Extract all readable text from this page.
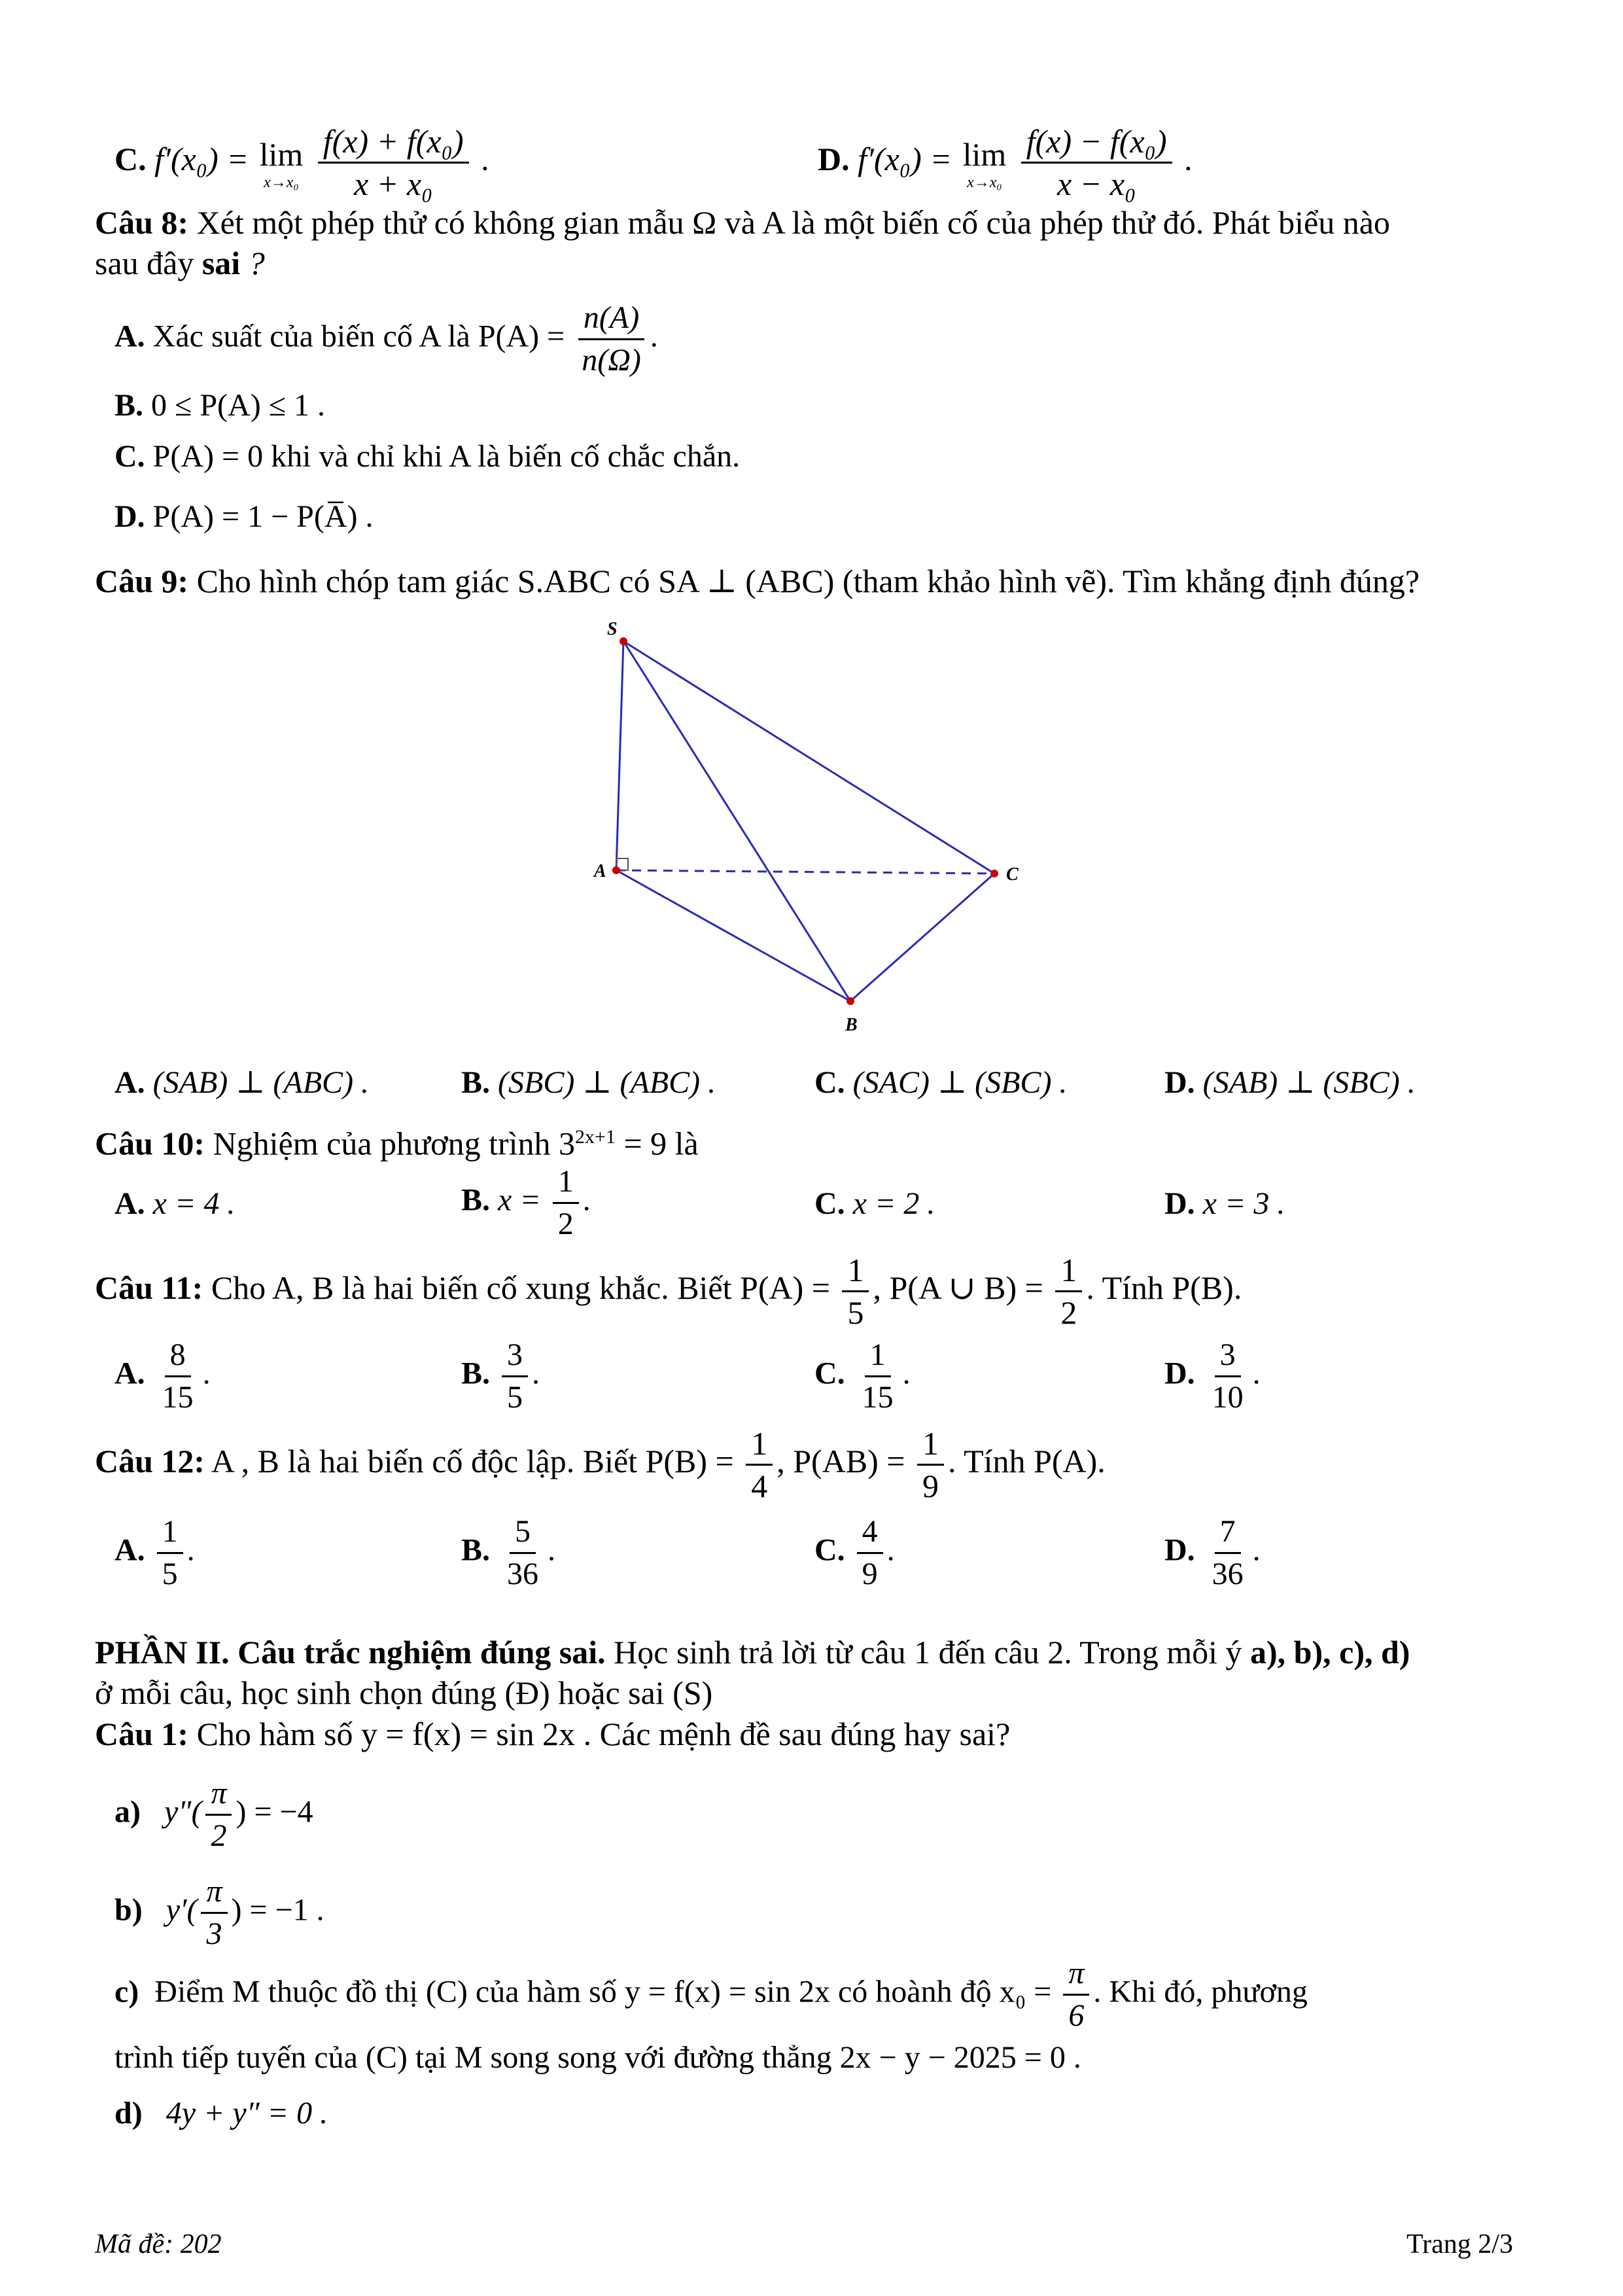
C. f′(x₀) = lim
x→x₀
$\frac{\text{f(x) + f(x₀)}}{\text{x + x₀}}$ .	D. f′(x₀) = lim
x→x₀
$\frac{\text{f(x) − f(x₀)}}{\text{x − x₀}}$ .
Câu 8: Xét một phép thử có không gian mẫu Ω và A là một biến cố của phép thử đó. Phát biểu nào
sau đây sai ?
A. Xác suất của biến cố A là $P(A) = \frac{n(A)}{n(\Omega)}$ .
B. 0 ≤ P(A) ≤ 1 .
C. P(A) = 0 khi và chỉ khi A là biến cố chắc chắn.
D. P(A) = 1 − P(A̅) .
Câu 9: Cho hình chóp tam giác S.ABC có SA ⊥ (ABC) (tham khảo hình vẽ). Tìm khẳng định đúng?
S
A
B
C
A. (SAB) ⊥ (ABC) .	B. (SBC) ⊥ (ABC) .	C. (SAC) ⊥ (SBC) .	D. (SAB) ⊥ (SBC) .
Câu 10: Nghiệm của phương trình $3^{2x+1} = 9$ là
A. x = 4 .	B. $x = \frac{1}{2}$ .	C. x = 2 .	D. x = 3 .
Câu 11: Cho A, B là hai biến cố xung khắc. Biết $P(A) = \frac{1}{5}$ , P(A ∪ $B) = \frac{1}{2}$ . Tính P(B).
A. $\frac{8}{15}$ .	B. $\frac{3}{5}$ .	C. $\frac{1}{15}$ .	D. $\frac{3}{10}$ .
Câu 12: A , B là hai biến cố độc lập. Biết $P(B) = \frac{1}{4}$ , $P(AB) = \frac{1}{9}$ . Tính P(A).
A. $\frac{1}{5}$ .	B. $\frac{5}{36}$ .	C. $\frac{4}{9}$ .	D. $\frac{7}{36}$ .
PHẦN II. Câu trắc nghiệm đúng sai. Học sinh trả lời từ câu 1 đến câu 2. Trong mỗi ý a), b), c), d)
ở mỗi câu, học sinh chọn đúng (Đ) hoặc sai (S)
Câu 1: Cho hàm số y = f(x) = sin 2x . Các mệnh đề sau đúng hay sai?
a) y"( $\frac{\pi}{2}$ ) = −4
b) $y'( \frac{\pi}{3}$ ) = −1 .
c) Điểm M thuộc đồ thị (C) của hàm số y = f(x) = sin 2x có hoành độ $x_0 = \frac{\pi}{6}$ . Khi đó, phương
trình tiếp tuyến của (C) tại M song song với đường thẳng 2x − y − 2025 = 0 .
d) 4y + y″ = 0 .
Mã đề: 202	Trang 2/3
